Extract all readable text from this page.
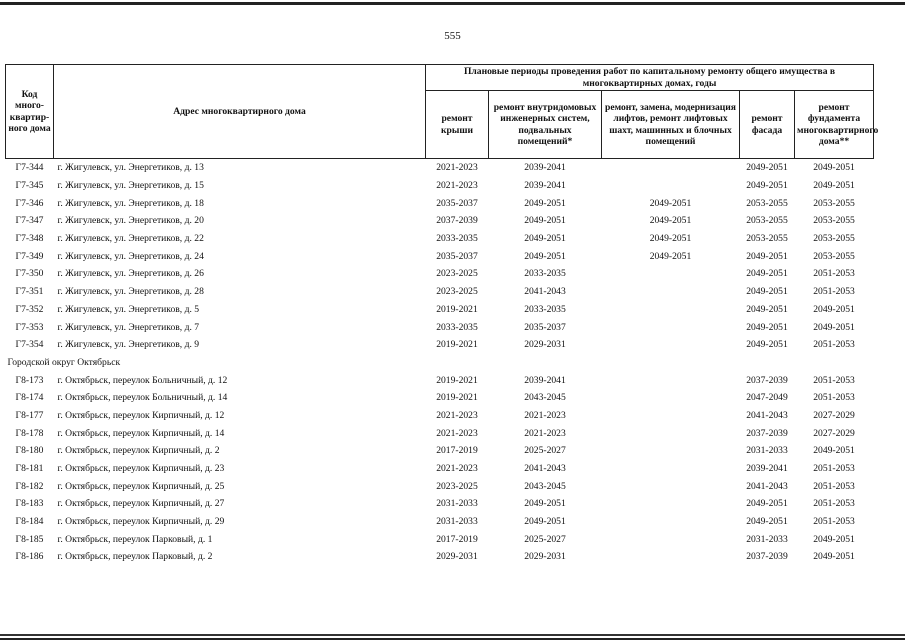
555
Код много-квартир-ного дома	Адрес многоквартирного дома	Плановые периоды проведения работ по капитальному ремонту общего имущества в многоквартирных домах, годы				
		ремонт крыши	ремонт внутридомовых инженерных систем, подвальных помещений*	ремонт, замена, модернизация лифтов, ремонт лифтовых шахт, машинных и блочных помещений	ремонт фасада	ремонт фундамента многоквартирного дома**
Г7-344	г. Жигулевск, ул. Энергетиков, д. 13	2021-2023	2039-2041		2049-2051	2049-2051
Г7-345	г. Жигулевск, ул. Энергетиков, д. 15	2021-2023	2039-2041		2049-2051	2049-2051
Г7-346	г. Жигулевск, ул. Энергетиков, д. 18	2035-2037	2049-2051	2049-2051	2053-2055	2053-2055
Г7-347	г. Жигулевск, ул. Энергетиков, д. 20	2037-2039	2049-2051	2049-2051	2053-2055	2053-2055
Г7-348	г. Жигулевск, ул. Энергетиков, д. 22	2033-2035	2049-2051	2049-2051	2053-2055	2053-2055
Г7-349	г. Жигулевск, ул. Энергетиков, д. 24	2035-2037	2049-2051	2049-2051	2049-2051	2053-2055
Г7-350	г. Жигулевск, ул. Энергетиков, д. 26	2023-2025	2033-2035		2049-2051	2051-2053
Г7-351	г. Жигулевск, ул. Энергетиков, д. 28	2023-2025	2041-2043		2049-2051	2051-2053
Г7-352	г. Жигулевск, ул. Энергетиков, д. 5	2019-2021	2033-2035		2049-2051	2049-2051
Г7-353	г. Жигулевск, ул. Энергетиков, д. 7	2033-2035	2035-2037		2049-2051	2049-2051
Г7-354	г. Жигулевск, ул. Энергетиков, д. 9	2019-2021	2029-2031		2049-2051	2051-2053
Городской округ Октябрьск						
Г8-173	г. Октябрьск, переулок Больничный, д. 12	2019-2021	2039-2041		2037-2039	2051-2053
Г8-174	г. Октябрьск, переулок Больничный, д. 14	2019-2021	2043-2045		2047-2049	2051-2053
Г8-177	г. Октябрьск, переулок Кирпичный, д. 12	2021-2023	2021-2023		2041-2043	2027-2029
Г8-178	г. Октябрьск, переулок Кирпичный, д. 14	2021-2023	2021-2023		2037-2039	2027-2029
Г8-180	г. Октябрьск, переулок Кирпичный, д. 2	2017-2019	2025-2027		2031-2033	2049-2051
Г8-181	г. Октябрьск, переулок Кирпичный, д. 23	2021-2023	2041-2043		2039-2041	2051-2053
Г8-182	г. Октябрьск, переулок Кирпичный, д. 25	2023-2025	2043-2045		2041-2043	2051-2053
Г8-183	г. Октябрьск, переулок Кирпичный, д. 27	2031-2033	2049-2051		2049-2051	2051-2053
Г8-184	г. Октябрьск, переулок Кирпичный, д. 29	2031-2033	2049-2051		2049-2051	2051-2053
Г8-185	г. Октябрьск, переулок Парковый, д. 1	2017-2019	2025-2027		2031-2033	2049-2051
Г8-186	г. Октябрьск, переулок Парковый, д. 2	2029-2031	2029-2031		2037-2039	2049-2051
